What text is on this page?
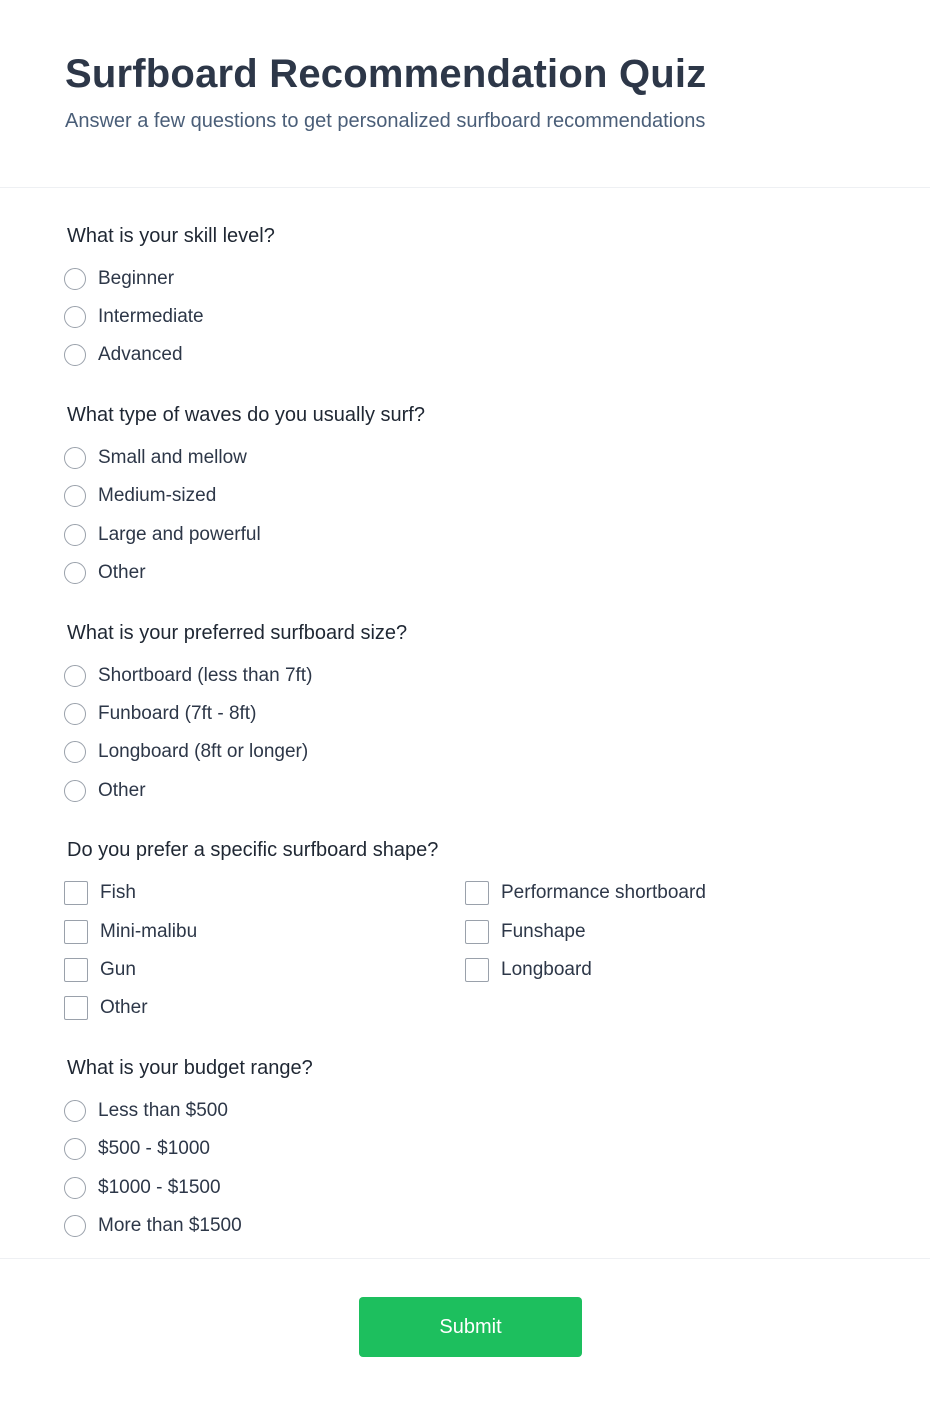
Surfboard Recommendation Quiz

Answer a few questions to get personalized surfboard recommendations

What is your skill level?
Beginner
Intermediate
Advanced
What type of waves do you usually surf?
Small and mellow
Medium-sized
Large and powerful
Other
What is your preferred surfboard size?
Shortboard (less than 7ft)
Funboard (7ft - 8ft)
Longboard (8ft or longer)
Other
Do you prefer a specific surfboard shape?
Fish
Mini-malibu
Gun
Other
Performance shortboard
Funshape
Longboard
What is your budget range?
Less than $500
$500 - $1000
$1000 - $1500
More than $1500
Submit
